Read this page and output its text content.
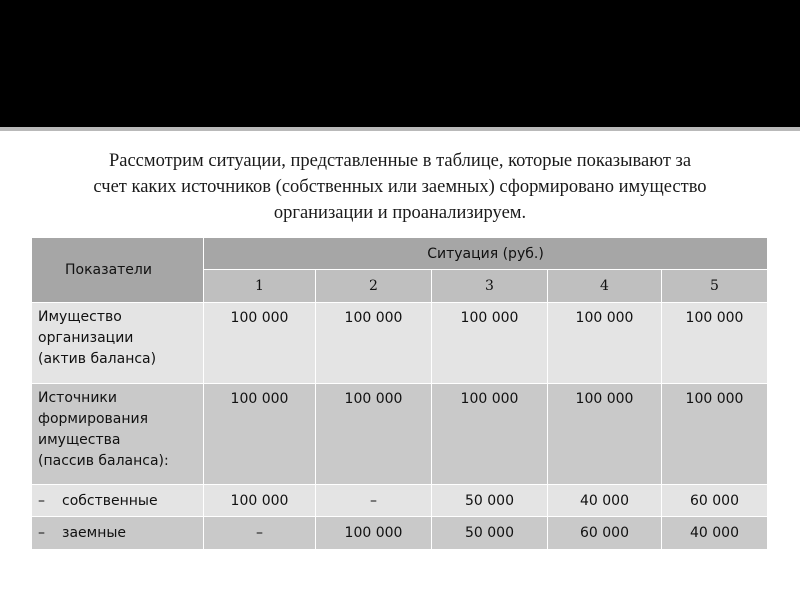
Рассмотрим ситуации, представленные в таблице, которые показывают за
счет каких источников (собственных или заемных) сформировано имущество
организации и проанализируем.
Показатели	Ситуация (руб.)				
	1	2	3	4	5

Имущество
организации
(актив баланса)	100 000	100 000	100 000	100 000	100 000

Источники
формирования
имущества
(пассив баланса):	100 000	100 000	100 000	100 000	100 000
– собственные	100 000	–	50 000	40 000	60 000
– заемные	–	100 000	50 000	60 000	40 000
